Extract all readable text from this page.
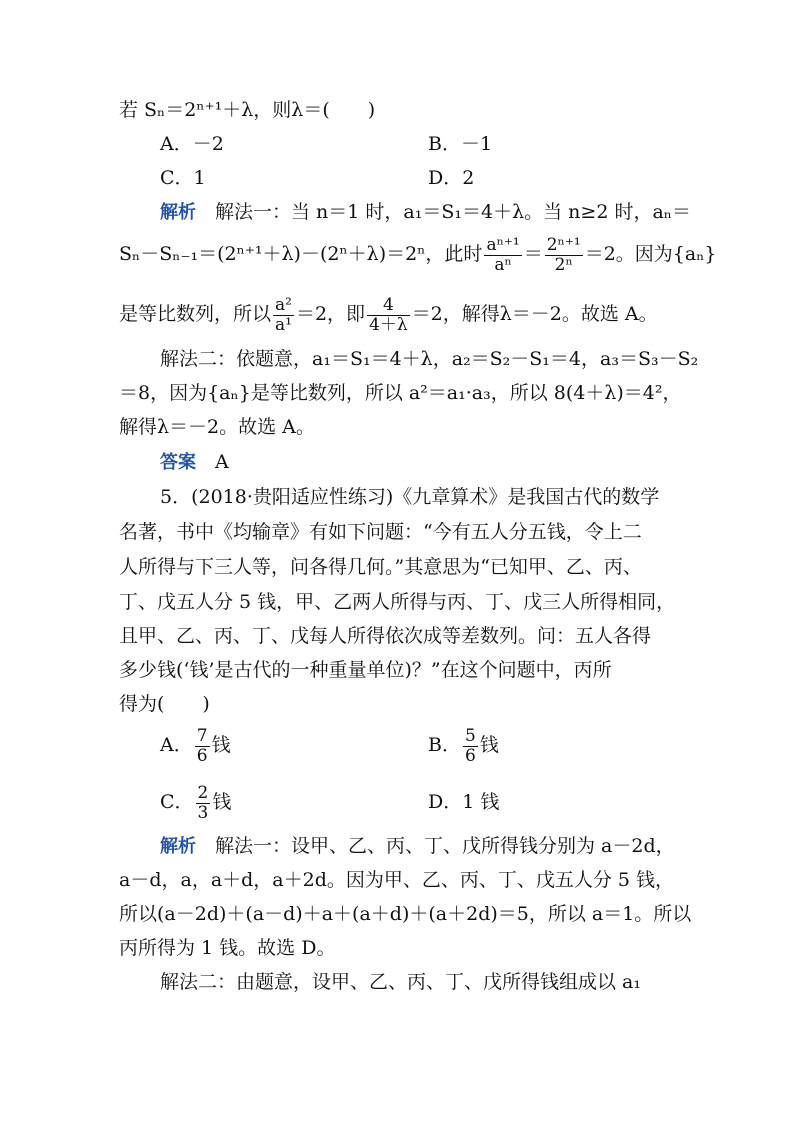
若 Sₙ＝2ⁿ⁺¹＋λ，则λ＝(　　)
A．－2	B．－1
C．1	D．2
解析　 解法一：当 n＝1 时，a₁＝S₁＝4＋λ。当 n≥2 时，aₙ＝
Sₙ－Sₙ₋₁＝(2ⁿ⁺¹＋λ)－(2ⁿ＋λ)＝2ⁿ，此时 $\frac{\text{aⁿ⁺¹}}{\text{aⁿ}} = \frac{\text{2ⁿ⁺¹}}{\text{2ⁿ}} =2$。因为{aₙ}
是等比数列，所以 $\frac{\text{a²}}{\text{a¹}} =2$，即 $\frac{4}{4+\lambda} =2$，解得λ＝－2。故选 A。
解法二：依题意，a₁＝S₁＝4＋λ，a₂＝S₂－S₁＝4，a₃＝S₃－S₂
＝8，因为{aₙ}是等比数列，所以 a²＝a₁·a₃，所以 8(4＋λ)＝4²，
解得λ＝－2。故选 A。
答案　 A
5．(2018·贵阳适应性练习)《九章算术》是我国古代的数学
名著，书中《均输章》有如下问题：“今有五人分五钱，令上二
人所得与下三人等，问各得几何。”其意思为“已知甲、乙、丙、
丁、戊五人分 5 钱，甲、乙两人所得与丙、丁、戊三人所得相同，
且甲、乙、丙、丁、戊每人所得依次成等差数列。问：五人各得
多少钱(‘钱’是古代的一种重量单位)？”在这个问题中，丙所
得为(　　)
A． $\frac{7}{6}$ 钱	B． $\frac{5}{6}$ 钱
C． $\frac{2}{3}$ 钱	D．1 钱
解析　 解法一：设甲、乙、丙、丁、戊所得钱分别为 a－2d，
a－d，a，a＋d，a＋2d。因为甲、乙、丙、丁、戊五人分 5 钱，
所以(a－2d)＋(a－d)＋a＋(a＋d)＋(a＋2d)＝5，所以 a＝1。所以
丙所得为 1 钱。故选 D。
解法二：由题意，设甲、乙、丙、丁、戊所得钱组成以 a₁
